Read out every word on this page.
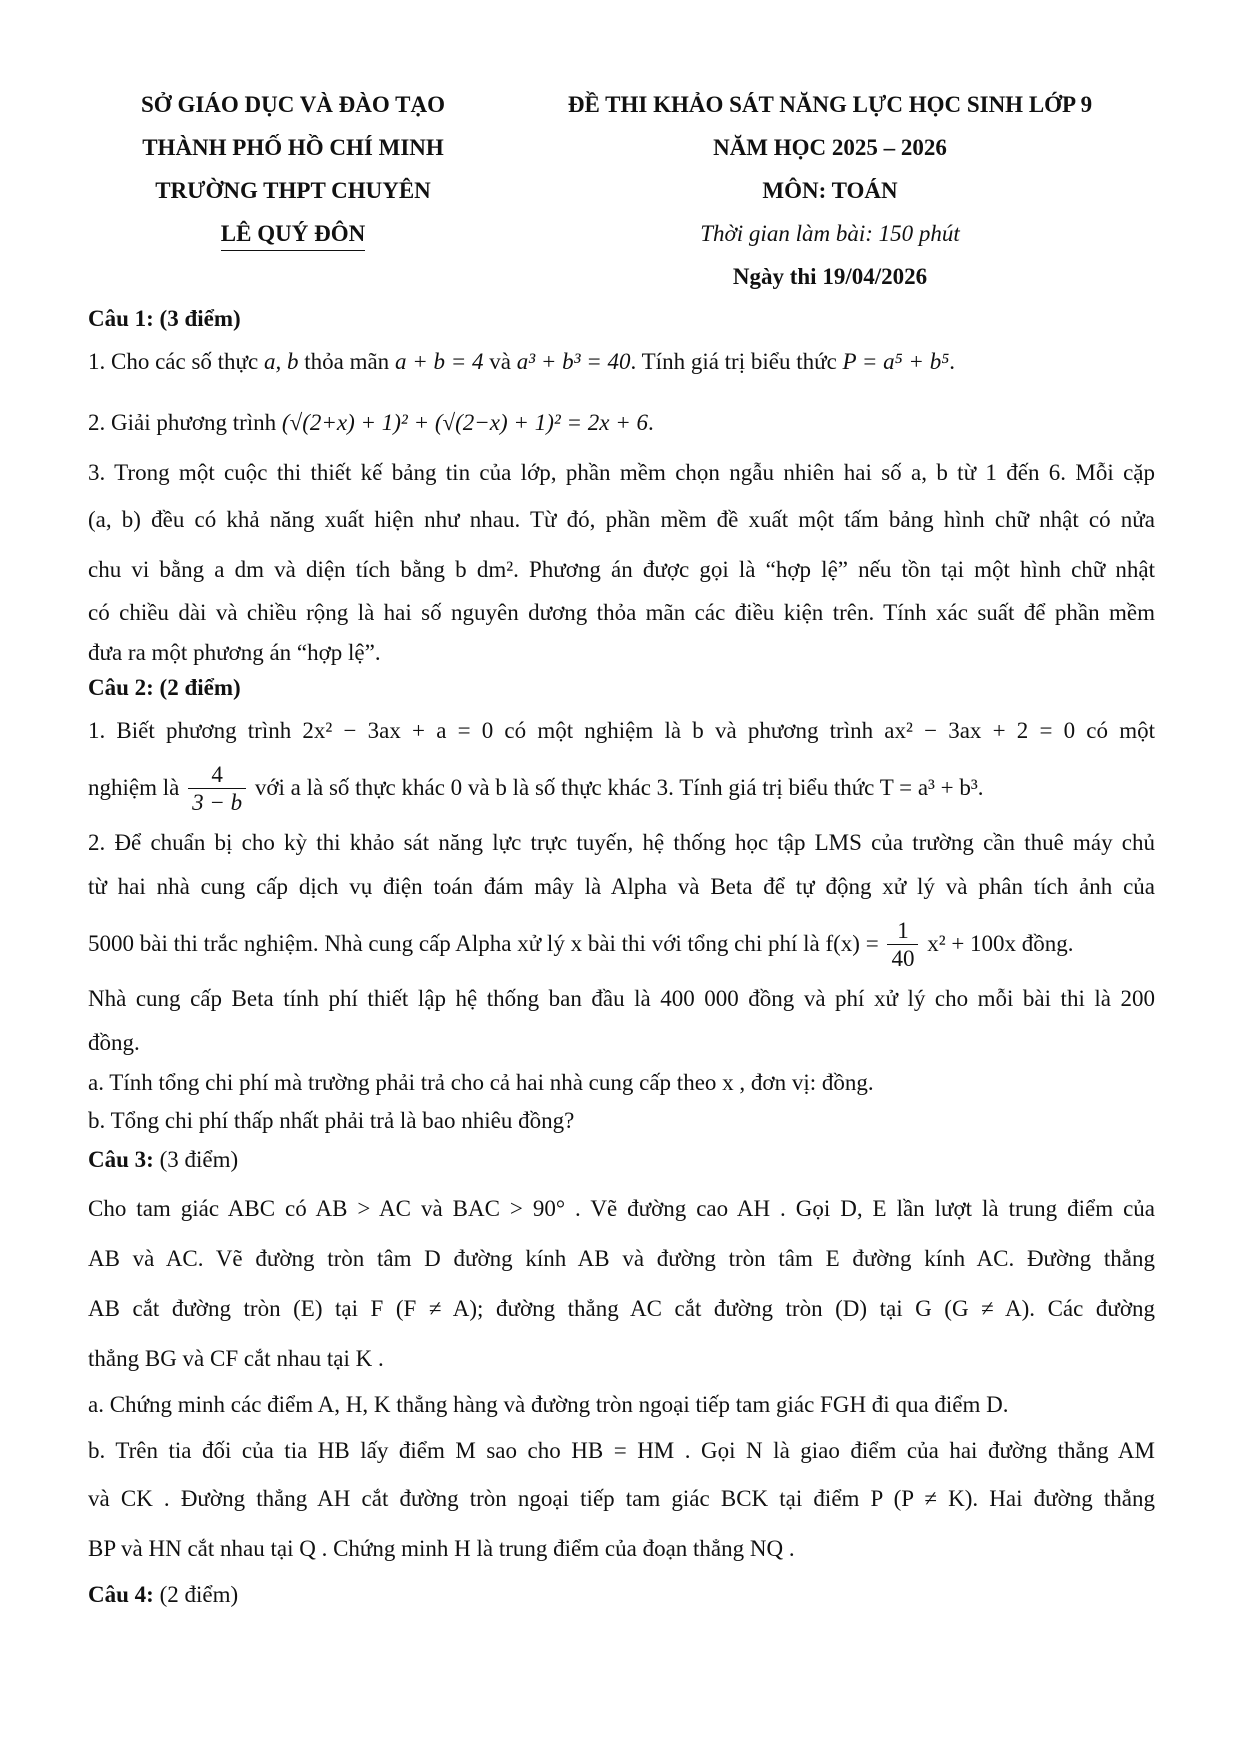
SỞ GIÁO DỤC VÀ ĐÀO TẠO
THÀNH PHỐ HỒ CHÍ MINH
TRƯỜNG THPT CHUYÊN
LÊ QUÝ ĐÔN
ĐỀ THI KHẢO SÁT NĂNG LỰC HỌC SINH LỚP 9
NĂM HỌC 2025 – 2026
MÔN: TOÁN
Thời gian làm bài: 150 phút
Ngày thi 19/04/2026
Câu 1: (3 điểm)
1. Cho các số thực a, b thỏa mãn a + b = 4 và a³ + b³ = 40. Tính giá trị biểu thức P = a⁵ + b⁵.
2. Giải phương trình (√(2+x) + 1)² + (√(2−x) + 1)² = 2x + 6.
3. Trong một cuộc thi thiết kế bảng tin của lớp, phần mềm chọn ngẫu nhiên hai số a, b từ 1 đến 6. Mỗi cặp
(a, b) đều có khả năng xuất hiện như nhau. Từ đó, phần mềm đề xuất một tấm bảng hình chữ nhật có nửa
chu vi bằng a dm và diện tích bằng b dm². Phương án được gọi là “hợp lệ” nếu tồn tại một hình chữ nhật
có chiều dài và chiều rộng là hai số nguyên dương thỏa mãn các điều kiện trên. Tính xác suất để phần mềm
đưa ra một phương án “hợp lệ”.
Câu 2: (2 điểm)
1. Biết phương trình 2x² − 3ax + a = 0 có một nghiệm là b và phương trình ax² − 3ax + 2 = 0 có một
nghiệm là $\frac{4}{3 - b}$ với a là số thực khác 0 và b là số thực khác 3. Tính giá trị biểu thức T = a³ + b³.
2. Để chuẩn bị cho kỳ thi khảo sát năng lực trực tuyến, hệ thống học tập LMS của trường cần thuê máy chủ
từ hai nhà cung cấp dịch vụ điện toán đám mây là Alpha và Beta để tự động xử lý và phân tích ảnh của
5000 bài thi trắc nghiệm. Nhà cung cấp Alpha xử lý x bài thi với tổng chi phí là $f(x) = \frac{1}{40} x^2 + 100x$ đồng.
Nhà cung cấp Beta tính phí thiết lập hệ thống ban đầu là 400 000 đồng và phí xử lý cho mỗi bài thi là 200
đồng.
a. Tính tổng chi phí mà trường phải trả cho cả hai nhà cung cấp theo x , đơn vị: đồng.
b. Tổng chi phí thấp nhất phải trả là bao nhiêu đồng?
Câu 3: (3 điểm)
Cho tam giác ABC có AB > AC và BAC > 90° . Vẽ đường cao AH . Gọi D, E lần lượt là trung điểm của
AB và AC. Vẽ đường tròn tâm D đường kính AB và đường tròn tâm E đường kính AC. Đường thẳng
AB cắt đường tròn (E) tại F (F ≠ A); đường thẳng AC cắt đường tròn (D) tại G (G ≠ A). Các đường
thẳng BG và CF cắt nhau tại K .
a. Chứng minh các điểm A, H, K thẳng hàng và đường tròn ngoại tiếp tam giác FGH đi qua điểm D.
b. Trên tia đối của tia HB lấy điểm M sao cho HB = HM . Gọi N là giao điểm của hai đường thẳng AM
và CK . Đường thẳng AH cắt đường tròn ngoại tiếp tam giác BCK tại điểm P (P ≠ K). Hai đường thẳng
BP và HN cắt nhau tại Q . Chứng minh H là trung điểm của đoạn thẳng NQ .
Câu 4: (2 điểm)
